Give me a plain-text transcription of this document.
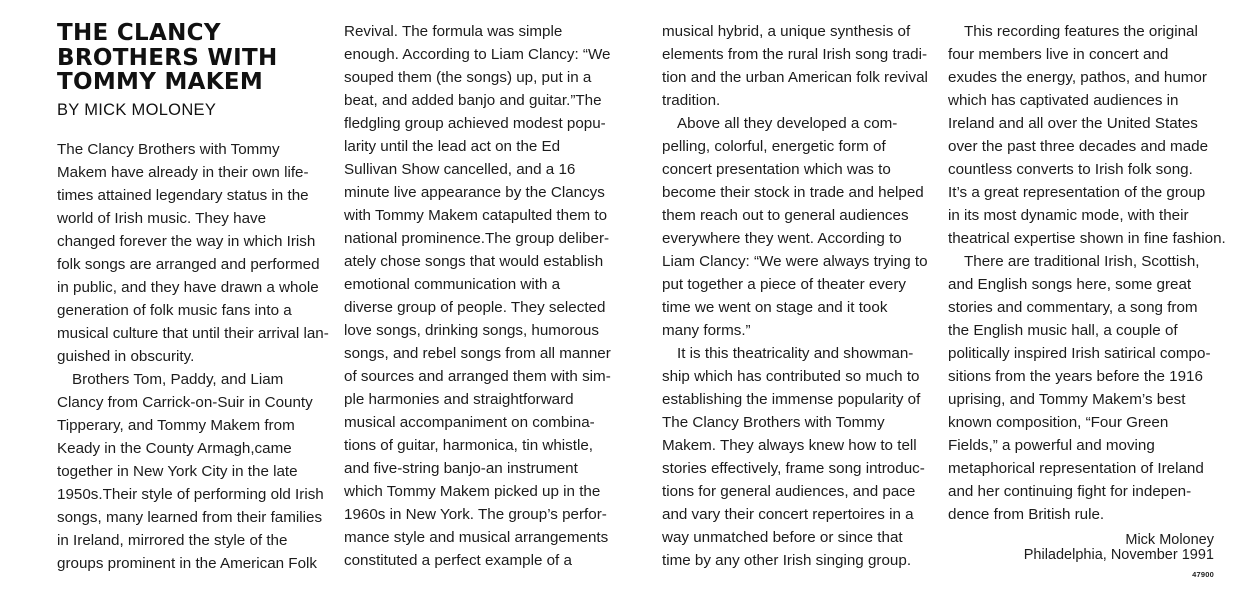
THE CLANCY
BROTHERS WITH
TOMMY MAKEM

BY MICK MOLONEY

The Clancy Brothers with Tommy
Makem have already in their own life-
times attained legendary status in the
world of Irish music. They have
changed forever the way in which Irish
folk songs are arranged and performed
in public, and they have drawn a whole
generation of folk music fans into a
musical culture that until their arrival lan-
guished in obscurity.
Brothers Tom, Paddy, and Liam
Clancy from Carrick-on-Suir in County
Tipperary, and Tommy Makem from
Keady in the County Armagh,came
together in New York City in the late
1950s.Their style of performing old Irish
songs, many learned from their families
in Ireland, mirrored the style of the
groups prominent in the American Folk
Revival. The formula was simple
enough. According to Liam Clancy: “We
souped them (the songs) up, put in a
beat, and added banjo and guitar.”The
fledgling group achieved modest popu-
larity until the lead act on the Ed
Sullivan Show cancelled, and a 16
minute live appearance by the Clancys
with Tommy Makem catapulted them to
national prominence.The group deliber-
ately chose songs that would establish
emotional communication with a
diverse group of people. They selected
love songs, drinking songs, humorous
songs, and rebel songs from all manner
of sources and arranged them with sim-
ple harmonies and straightforward
musical accompaniment on combina-
tions of guitar, harmonica, tin whistle,
and five-string banjo-an instrument
which Tommy Makem picked up in the
1960s in New York. The group’s perfor-
mance style and musical arrangements
constituted a perfect example of a
musical hybrid, a unique synthesis of
elements from the rural Irish song tradi-
tion and the urban American folk revival
tradition.
Above all they developed a com-
pelling, colorful, energetic form of
concert presentation which was to
become their stock in trade and helped
them reach out to general audiences
everywhere they went. According to
Liam Clancy: “We were always trying to
put together a piece of theater every
time we went on stage and it took
many forms.”
It is this theatricality and showman-
ship which has contributed so much to
establishing the immense popularity of
The Clancy Brothers with Tommy
Makem. They always knew how to tell
stories effectively, frame song introduc-
tions for general audiences, and pace
and vary their concert repertoires in a
way unmatched before or since that
time by any other Irish singing group.
This recording features the original
four members live in concert and
exudes the energy, pathos, and humor
which has captivated audiences in
Ireland and all over the United States
over the past three decades and made
countless converts to Irish folk song.
It’s a great representation of the group
in its most dynamic mode, with their
theatrical expertise shown in fine fashion.
There are traditional Irish, Scottish,
and English songs here, some great
stories and commentary, a song from
the English music hall, a couple of
politically inspired Irish satirical compo-
sitions from the years before the 1916
uprising, and Tommy Makem’s best
known composition, “Four Green
Fields,” a powerful and moving
metaphorical representation of Ireland
and her continuing fight for indepen-
dence from British rule.
Mick Moloney
Philadelphia, November 1991
47900
